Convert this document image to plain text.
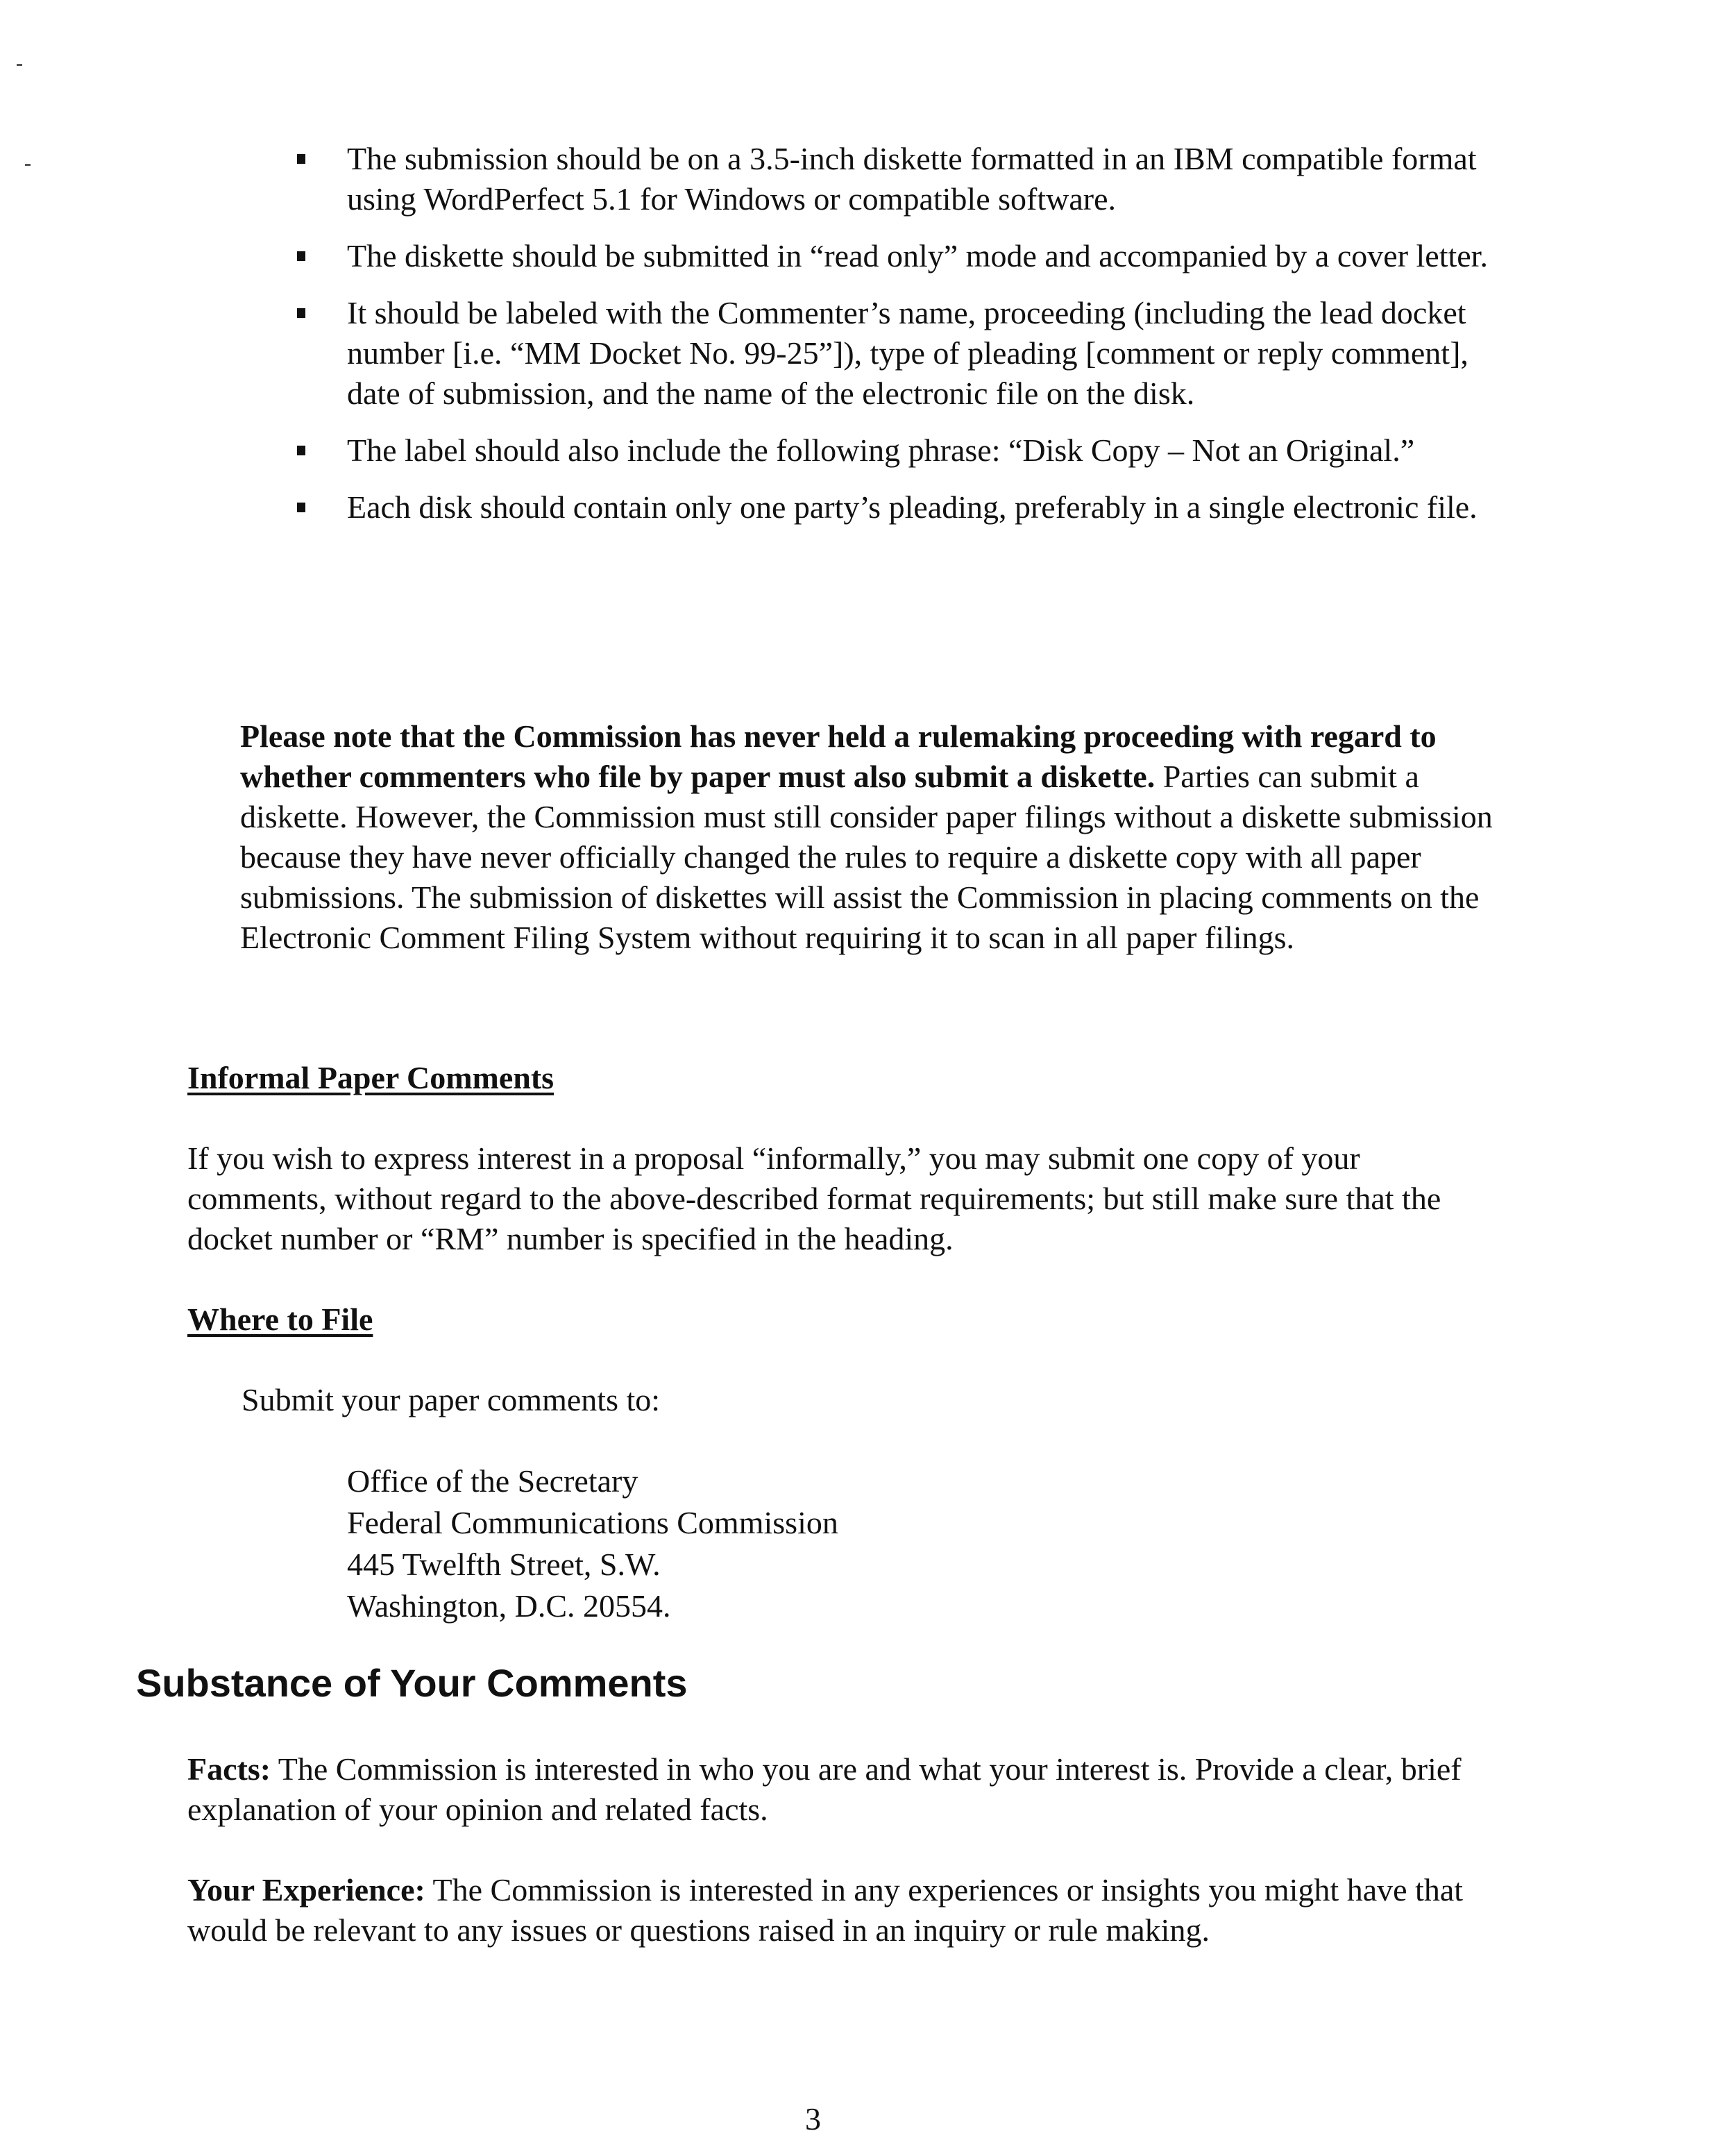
The submission should be on a 3.5-inch diskette formatted in an IBM compatible format using WordPerfect 5.1 for Windows or compatible software.
The diskette should be submitted in “read only” mode and accompanied by a cover letter.
It should be labeled with the Commenter’s name, proceeding (including the lead docket number [i.e. “MM Docket No. 99-25”]), type of pleading [comment or reply comment], date of submission, and the name of the electronic file on the disk.
The label should also include the following phrase: “Disk Copy – Not an Original.”
Each disk should contain only one party’s pleading, preferably in a single electronic file.

Please note that the Commission has never held a rulemaking proceeding with regard to whether commenters who file by paper must also submit a diskette. Parties can submit a diskette. However, the Commission must still consider paper filings without a diskette submission because they have never officially changed the rules to require a diskette copy with all paper submissions. The submission of diskettes will assist the Commission in placing comments on the Electronic Comment Filing System without requiring it to scan in all paper filings.

Informal Paper Comments

If you wish to express interest in a proposal “informally,” you may submit one copy of your comments, without regard to the above-described format requirements; but still make sure that the docket number or “RM” number is specified in the heading.

Where to File

Submit your paper comments to:

Office of the Secretary
Federal Communications Commission
445 Twelfth Street, S.W.
Washington, D.C. 20554.
Substance of Your Comments

Facts: The Commission is interested in who you are and what your interest is. Provide a clear, brief explanation of your opinion and related facts.

Your Experience: The Commission is interested in any experiences or insights you might have that would be relevant to any issues or questions raised in an inquiry or rule making.

3
